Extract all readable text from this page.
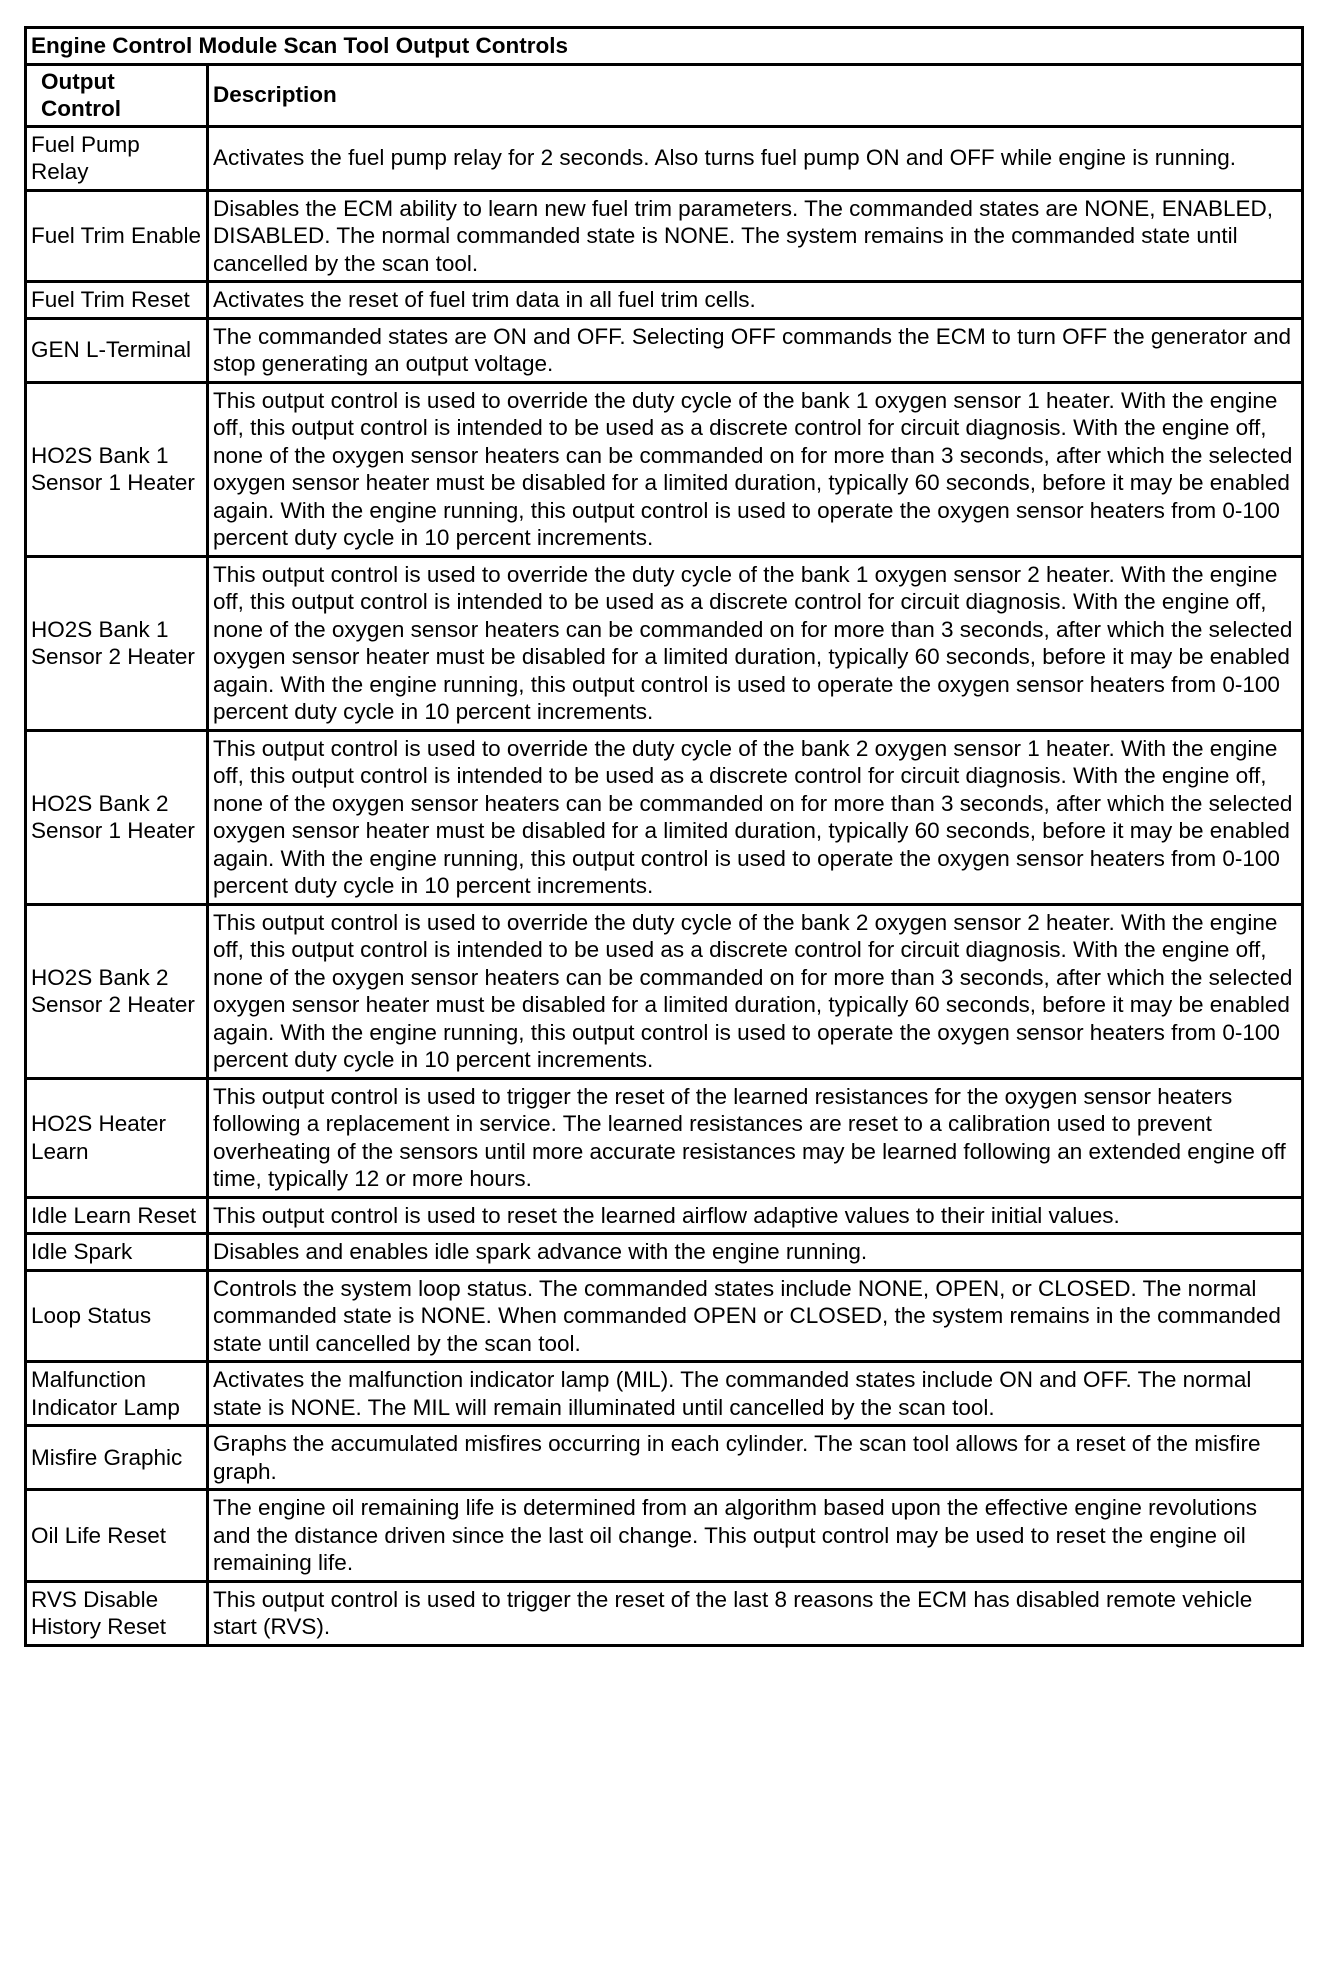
Engine Control Module Scan Tool Output Controls	
Output Control	Description
Fuel Pump Relay	Activates the fuel pump relay for 2 seconds. Also turns fuel pump ON and OFF while engine is running.
Fuel Trim Enable	Disables the ECM ability to learn new fuel trim parameters. The commanded states are NONE, ENABLED, DISABLED. The normal commanded state is NONE. The system remains in the commanded state until cancelled by the scan tool.
Fuel Trim Reset	Activates the reset of fuel trim data in all fuel trim cells.
GEN L-Terminal	The commanded states are ON and OFF. Selecting OFF commands the ECM to turn OFF the generator and stop generating an output voltage.
HO2S Bank 1 Sensor 1 Heater	This output control is used to override the duty cycle of the bank 1 oxygen sensor 1 heater. With the engine off, this output control is intended to be used as a discrete control for circuit diagnosis. With the engine off, none of the oxygen sensor heaters can be commanded on for more than 3 seconds, after which the selected oxygen sensor heater must be disabled for a limited duration, typically 60 seconds, before it may be enabled again. With the engine running, this output control is used to operate the oxygen sensor heaters from 0-100 percent duty cycle in 10 percent increments.
HO2S Bank 1 Sensor 2 Heater	This output control is used to override the duty cycle of the bank 1 oxygen sensor 2 heater. With the engine off, this output control is intended to be used as a discrete control for circuit diagnosis. With the engine off, none of the oxygen sensor heaters can be commanded on for more than 3 seconds, after which the selected oxygen sensor heater must be disabled for a limited duration, typically 60 seconds, before it may be enabled again. With the engine running, this output control is used to operate the oxygen sensor heaters from 0-100 percent duty cycle in 10 percent increments.
HO2S Bank 2 Sensor 1 Heater	This output control is used to override the duty cycle of the bank 2 oxygen sensor 1 heater. With the engine off, this output control is intended to be used as a discrete control for circuit diagnosis. With the engine off, none of the oxygen sensor heaters can be commanded on for more than 3 seconds, after which the selected oxygen sensor heater must be disabled for a limited duration, typically 60 seconds, before it may be enabled again. With the engine running, this output control is used to operate the oxygen sensor heaters from 0-100 percent duty cycle in 10 percent increments.
HO2S Bank 2 Sensor 2 Heater	This output control is used to override the duty cycle of the bank 2 oxygen sensor 2 heater. With the engine off, this output control is intended to be used as a discrete control for circuit diagnosis. With the engine off, none of the oxygen sensor heaters can be commanded on for more than 3 seconds, after which the selected oxygen sensor heater must be disabled for a limited duration, typically 60 seconds, before it may be enabled again. With the engine running, this output control is used to operate the oxygen sensor heaters from 0-100 percent duty cycle in 10 percent increments.
HO2S Heater Learn	This output control is used to trigger the reset of the learned resistances for the oxygen sensor heaters following a replacement in service. The learned resistances are reset to a calibration used to prevent overheating of the sensors until more accurate resistances may be learned following an extended engine off time, typically 12 or more hours.
Idle Learn Reset	This output control is used to reset the learned airflow adaptive values to their initial values.
Idle Spark	Disables and enables idle spark advance with the engine running.
Loop Status	Controls the system loop status. The commanded states include NONE, OPEN, or CLOSED. The normal commanded state is NONE. When commanded OPEN or CLOSED, the system remains in the commanded state until cancelled by the scan tool.
Malfunction Indicator Lamp	Activates the malfunction indicator lamp (MIL). The commanded states include ON and OFF. The normal state is NONE. The MIL will remain illuminated until cancelled by the scan tool.
Misfire Graphic	Graphs the accumulated misfires occurring in each cylinder. The scan tool allows for a reset of the misfire graph.
Oil Life Reset	The engine oil remaining life is determined from an algorithm based upon the effective engine revolutions and the distance driven since the last oil change. This output control may be used to reset the engine oil remaining life.
RVS Disable History Reset	This output control is used to trigger the reset of the last 8 reasons the ECM has disabled remote vehicle start (RVS).
